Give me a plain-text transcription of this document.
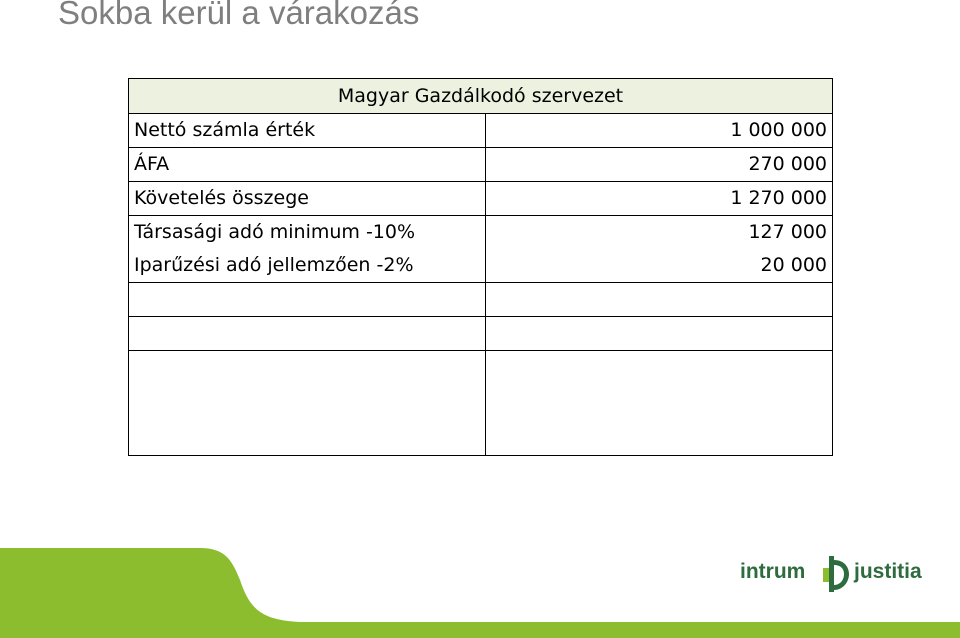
Sokba kerül a várakozás
Magyar Gazdálkodó szervezet	
Nettó számla érték	1 000 000
ÁFA	270 000
Követelés összege	1 270 000
Társasági adó minimum -10%	127 000
Iparűzési adó jellemzően -2%	20 000

intrum justitia
